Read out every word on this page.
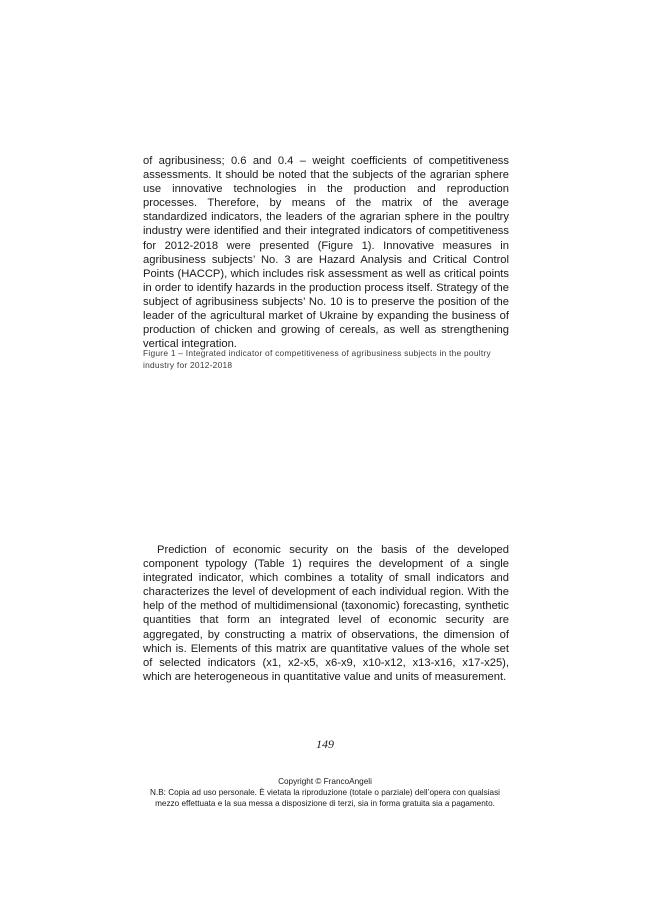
of agribusiness; 0.6 and 0.4 – weight coefficients of competitiveness assessments. It should be noted that the subjects of the agrarian sphere use innovative technologies in the production and reproduction processes. Therefore, by means of the matrix of the average standardized indicators, the leaders of the agrarian sphere in the poultry industry were identified and their integrated indicators of competitiveness for 2012-2018 were presented (Figure 1). Innovative measures in agribusiness subjects’ No. 3 are Hazard Analysis and Critical Control Points (HACCP), which includes risk assessment as well as critical points in order to identify hazards in the production process itself. Strategy of the subject of agribusiness subjects’ No. 10 is to preserve the position of the leader of the agricultural market of Ukraine by expanding the business of production of chicken and growing of cereals, as well as strengthening vertical integration.

Figure 1 – Integrated indicator of competitiveness of agribusiness subjects in the poultry industry for 2012-2018

Prediction of economic security on the basis of the developed component typology (Table 1) requires the development of a single integrated indicator, which combines a totality of small indicators and characterizes the level of development of each individual region. With the help of the method of multidimensional (taxonomic) forecasting, synthetic quantities that form an integrated level of economic security are aggregated, by constructing a matrix of observations, the dimension of which is. Elements of this matrix are quantitative values of the whole set of selected indicators (x1, x2-x5, x6-x9, x10-x12, x13-x16, x17-x25), which are heterogeneous in quantitative value and units of measurement.

149
Copyright © FrancoAngeli
N.B: Copia ad uso personale. È vietata la riproduzione (totale o parziale) dell’opera con qualsiasi
mezzo effettuata e la sua messa a disposizione di terzi, sia in forma gratuita sia a pagamento.
